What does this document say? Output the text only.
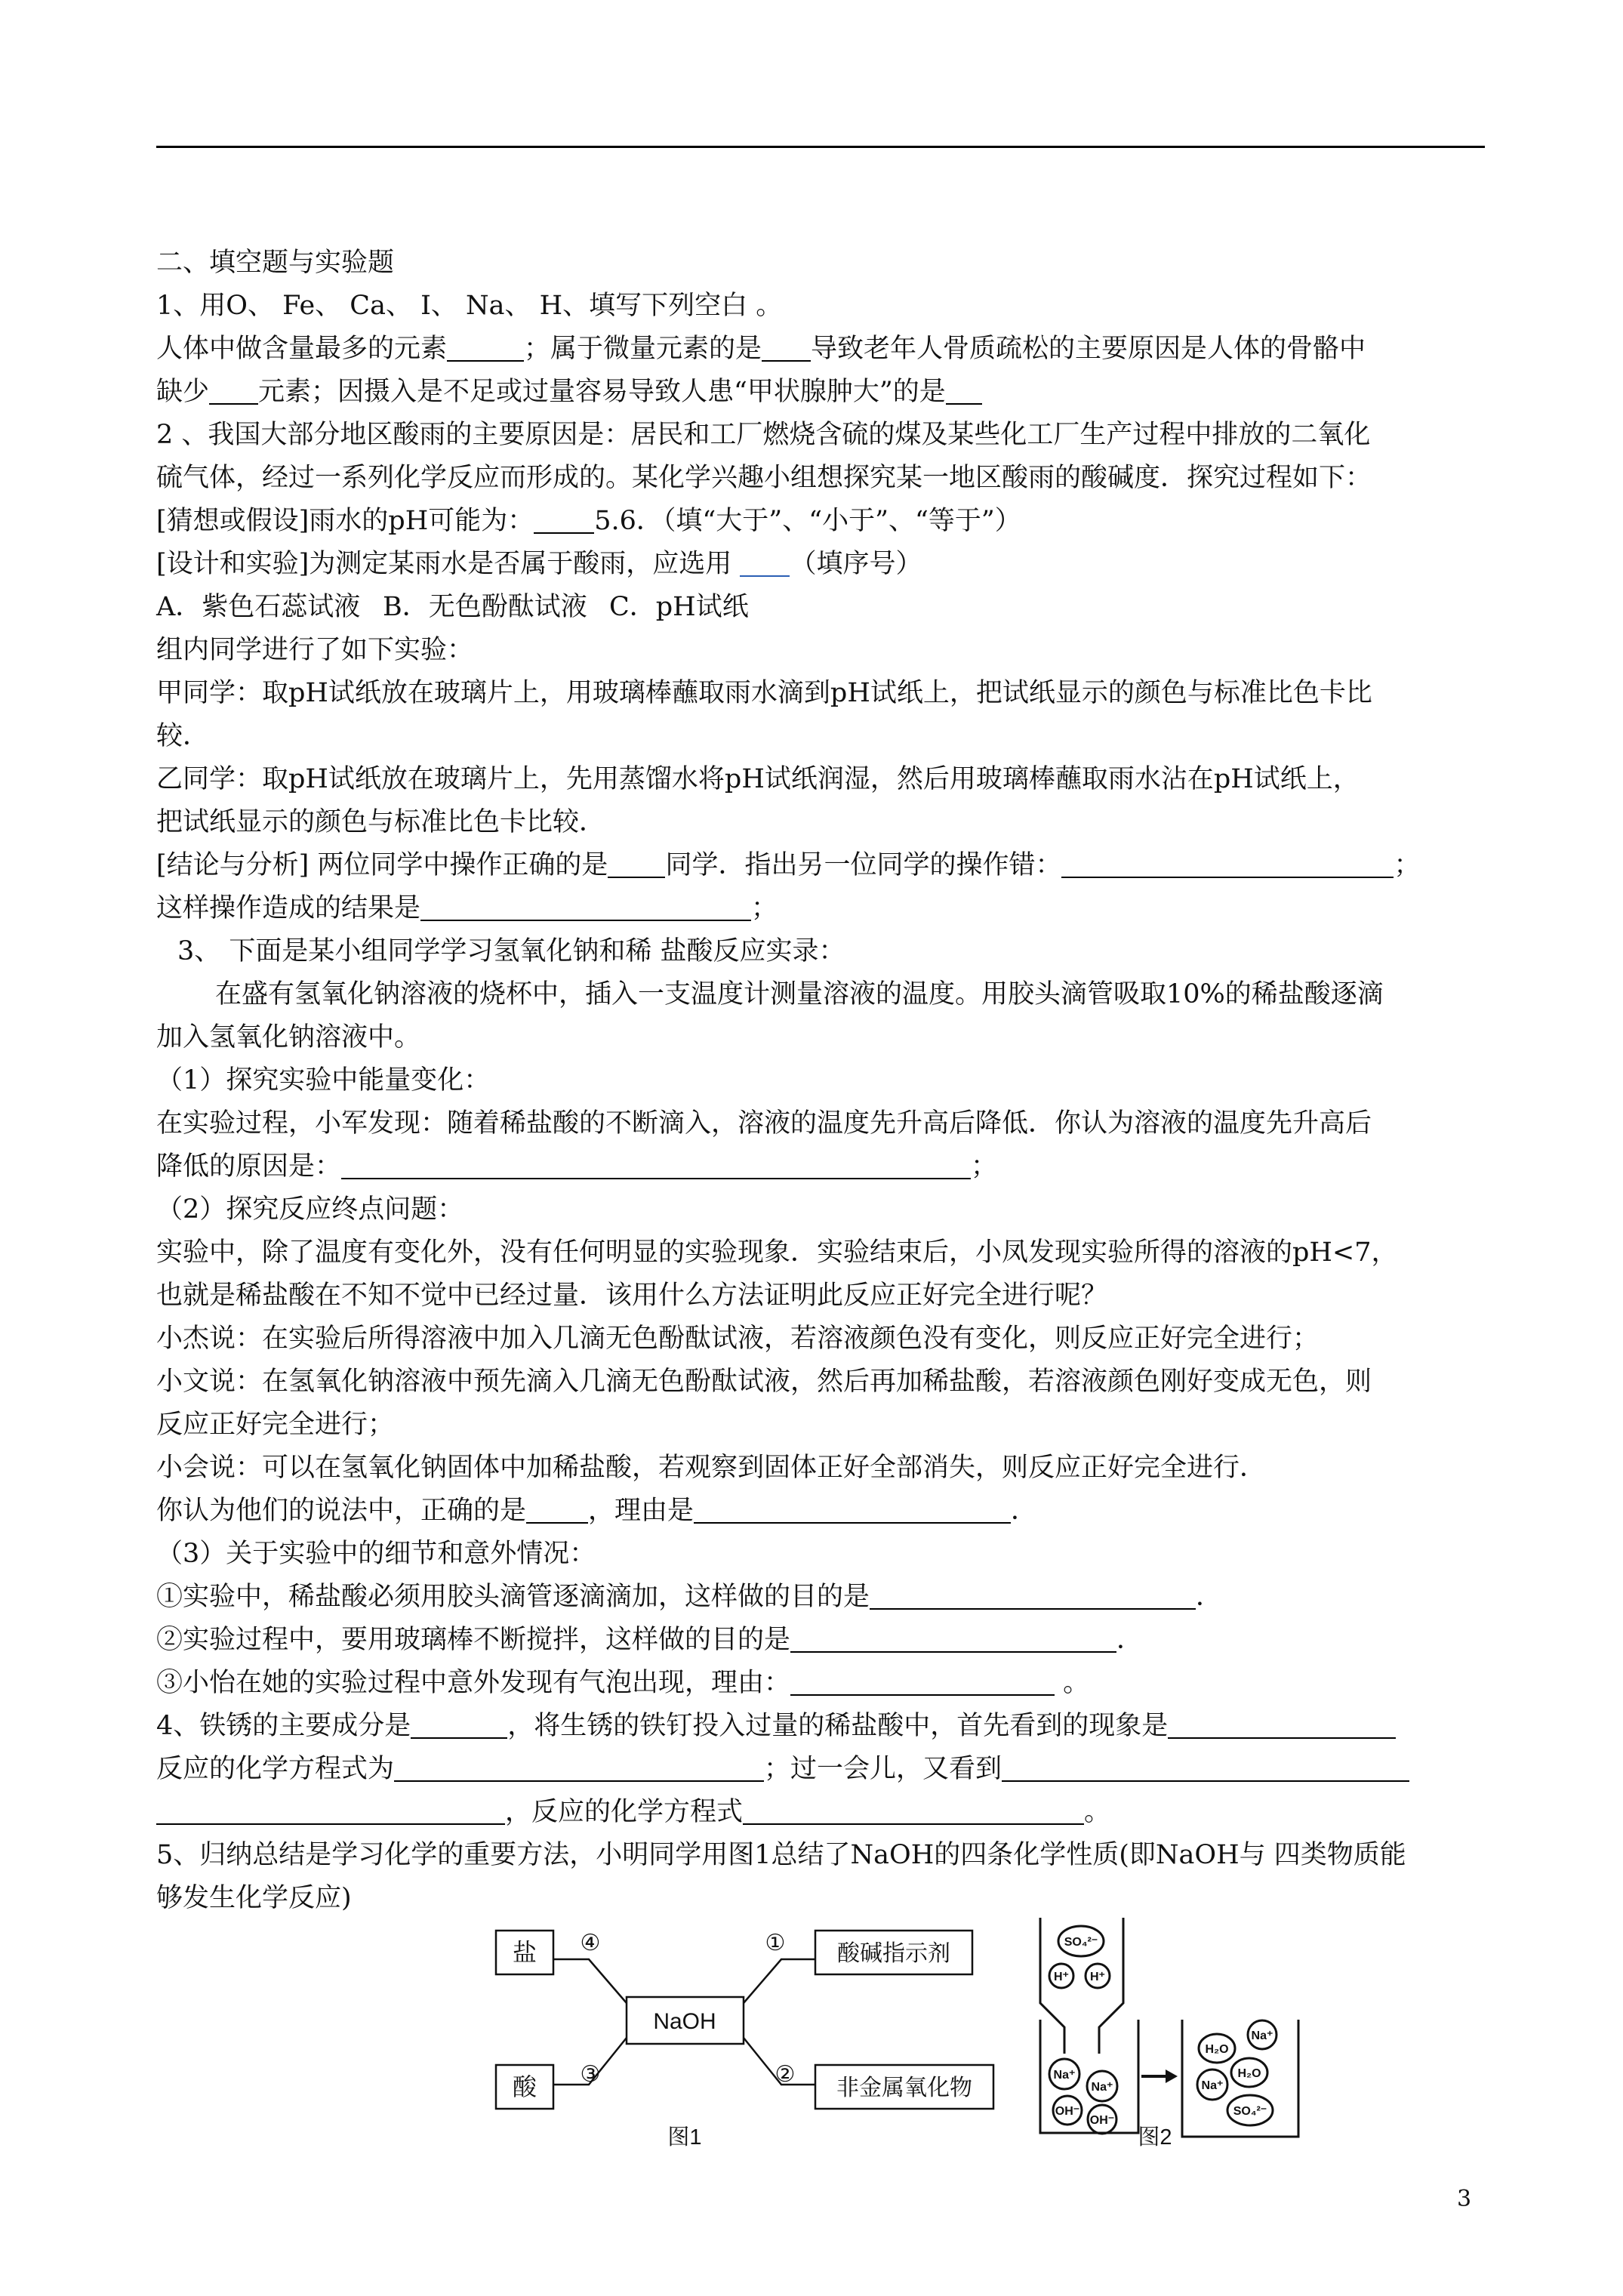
二、填空题与实验题
1、用O、 Fe、 Ca、 I、 Na、 H、填写下列空白 。
人体中做含量最多的元素	；属于微量元素的是 导致老年人骨质疏松的主要原因是人体的骨骼中
缺少 元素；因摄入是不足或过量容易导致人患“甲状腺肿大”的是
2 、我国大部分地区酸雨的主要原因是：居民和工厂燃烧含硫的煤及某些化工厂生产过程中排放的二氧化
硫气体，经过一系列化学反应而形成的。某化学兴趣小组想探究某一地区酸雨的酸碱度．探究过程如下：
[猜想或假设]雨水的pH可能为： 5.6．（填“大于”、“小于”、“等于”）
[设计和实验]为测定某雨水是否属于酸雨，应选用 （填序号）
A．紫色石蕊试液 B．无色酚酞试液 C．pH试纸
组内同学进行了如下实验：
甲同学：取pH试纸放在玻璃片上，用玻璃棒蘸取雨水滴到pH试纸上，把试纸显示的颜色与标准比色卡比
较．
乙同学：取pH试纸放在玻璃片上，先用蒸馏水将pH试纸润湿，然后用玻璃棒蘸取雨水沾在pH试纸上，
把试纸显示的颜色与标准比色卡比较．
[结论与分析] 两位同学中操作正确的是 同学．指出另一位同学的操作错：	；
这样操作造成的结果是	；
3、 下面是某小组同学学习氢氧化钠和稀 盐酸反应实录：
在盛有氢氧化钠溶液的烧杯中，插入一支温度计测量溶液的温度。用胶头滴管吸取10%的稀盐酸逐滴
加入氢氧化钠溶液中。
（1）探究实验中能量变化：
在实验过程，小军发现：随着稀盐酸的不断滴入，溶液的温度先升高后降低．你认为溶液的温度先升高后
降低的原因是：	；
（2）探究反应终点问题：
实验中，除了温度有变化外，没有任何明显的实验现象．实验结束后，小凤发现实验所得的溶液的pH<7，
也就是稀盐酸在不知不觉中已经过量．该用什么方法证明此反应正好完全进行呢？
小杰说：在实验后所得溶液中加入几滴无色酚酞试液，若溶液颜色没有变化，则反应正好完全进行；
小文说：在氢氧化钠溶液中预先滴入几滴无色酚酞试液，然后再加稀盐酸，若溶液颜色刚好变成无色，则
反应正好完全进行；
小会说：可以在氢氧化钠固体中加稀盐酸，若观察到固体正好全部消失，则反应正好完全进行．
你认为他们的说法中，正确的是 ，理由是	．
（3）关于实验中的细节和意外情况：
①实验中，稀盐酸必须用胶头滴管逐滴滴加，这样做的目的是	．
②实验过程中，要用玻璃棒不断搅拌，这样做的目的是	．
③小怡在她的实验过程中意外发现有气泡出现，理由：	。
4、铁锈的主要成分是	，将生锈的铁钉投入过量的稀盐酸中，首先看到的现象是
反应的化学方程式为	；过一会儿，又看到
，反应的化学方程式	。
5、归纳总结是学习化学的重要方法，小明同学用图1总结了NaOH的四条化学性质(即NaOH与 四类物质能
够发生化学反应)
盐
酸
NaOH
酸碱指示剂
非金属氧化物
④
③
①
②
图1
SO₄²⁻
H⁺ H⁺
Na⁺
Na⁺
OH⁻
OH⁻
Na⁺
H₂O
H₂O
Na⁺
SO₄²⁻
图2
3
